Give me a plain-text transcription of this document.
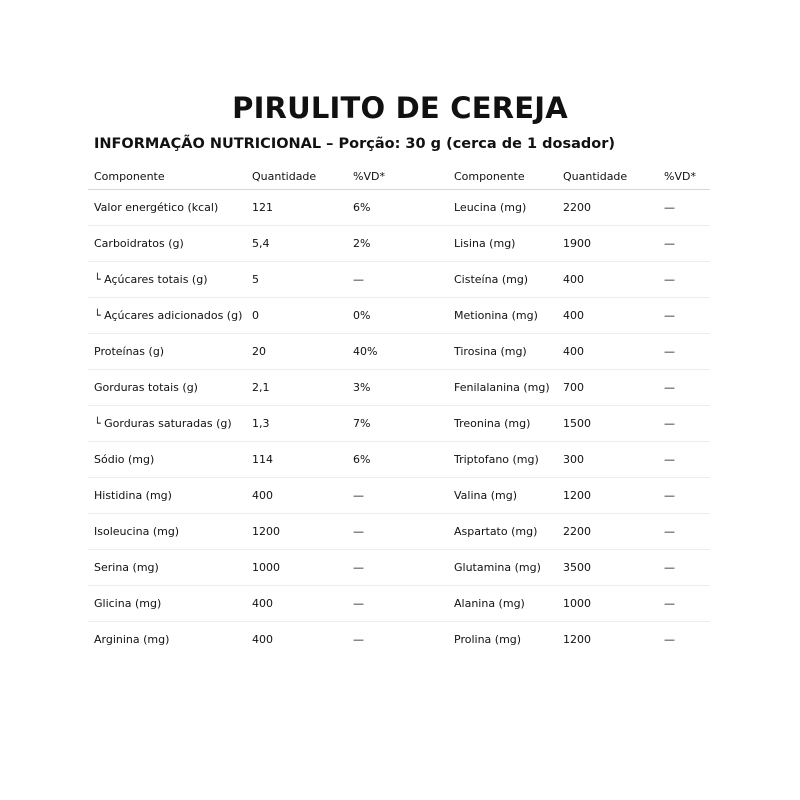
PIRULITO DE CEREJA
INFORMAÇÃO NUTRICIONAL – Porção: 30 g (cerca de 1 dosador)
Componente	Quantidade	%VD*	Componente	Quantidade	%VD*
Valor energético (kcal)	121	6%	Leucina (mg)	2200	—
Carboidratos (g)	5,4	2%	Lisina (mg)	1900	—
└ Açúcares totais (g)	5	—	Cisteína (mg)	400	—
└ Açúcares adicionados (g)	0	0%	Metionina (mg)	400	—
Proteínas (g)	20	40%	Tirosina (mg)	400	—
Gorduras totais (g)	2,1	3%	Fenilalanina (mg)	700	—
└ Gorduras saturadas (g)	1,3	7%	Treonina (mg)	1500	—
Sódio (mg)	114	6%	Triptofano (mg)	300	—
Histidina (mg)	400	—	Valina (mg)	1200	—
Isoleucina (mg)	1200	—	Aspartato (mg)	2200	—
Serina (mg)	1000	—	Glutamina (mg)	3500	—
Glicina (mg)	400	—	Alanina (mg)	1000	—
Arginina (mg)	400	—	Prolina (mg)	1200	—
